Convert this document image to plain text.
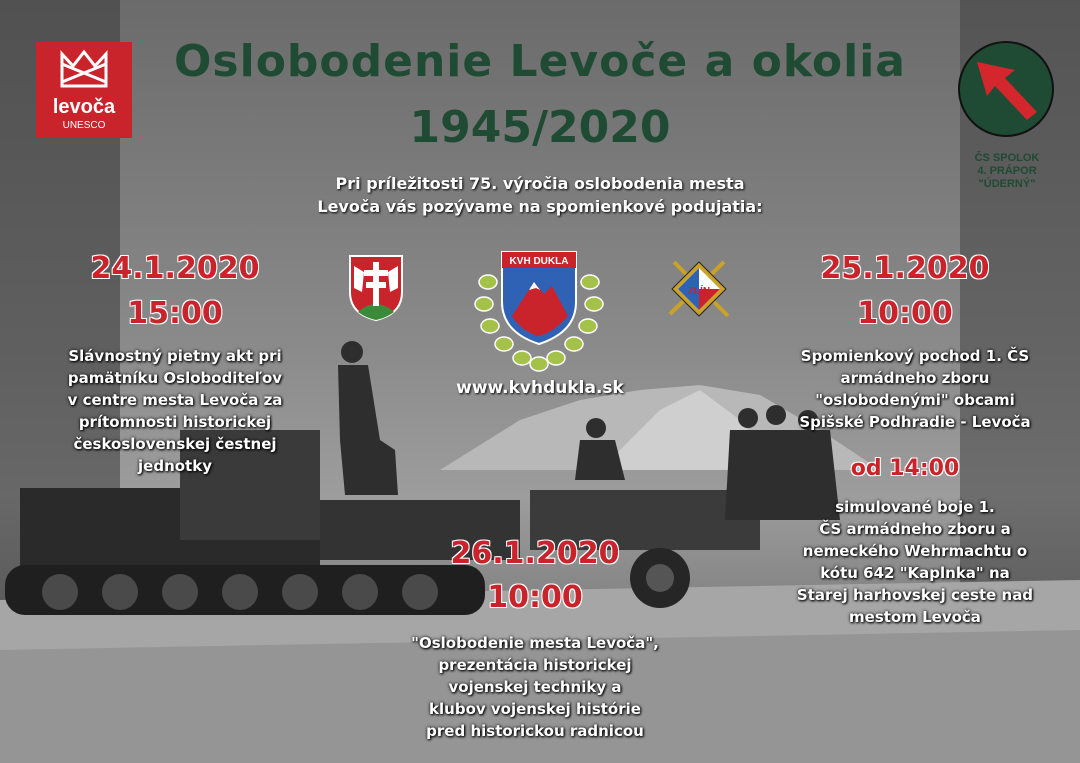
levoča
UNESCO
ČS SPOLOK
4. PRÁPOR
"ÚDERNÝ"
Oslobodenie Levoče a okolia
1945/2020
Pri príležitosti 75. výročia oslobodenia mesta
Levoča vás pozývame na spomienkové podujatia:
KVH DUKLA
ZLÍN
www.kvhdukla.sk
24.1.2020
15:00
Slávnostný pietny akt pri
pamätníku Osloboditeľov
v centre mesta Levoča za
prítomnosti historickej
československej čestnej
jednotky
25.1.2020
10:00
Spomienkový pochod 1. ČS
armádneho zboru
"oslobodenými" obcami
Spišské Podhradie - Levoča
od 14:00
simulované boje 1.
ČS armádneho zboru a
nemeckého Wehrmachtu o
kótu 642 "Kaplnka" na
Starej harhovskej ceste nad
mestom Levoča
26.1.2020
10:00
"Oslobodenie mesta Levoča",
prezentácia historickej
vojenskej techniky a
klubov vojenskej histórie
pred historickou radnicou
